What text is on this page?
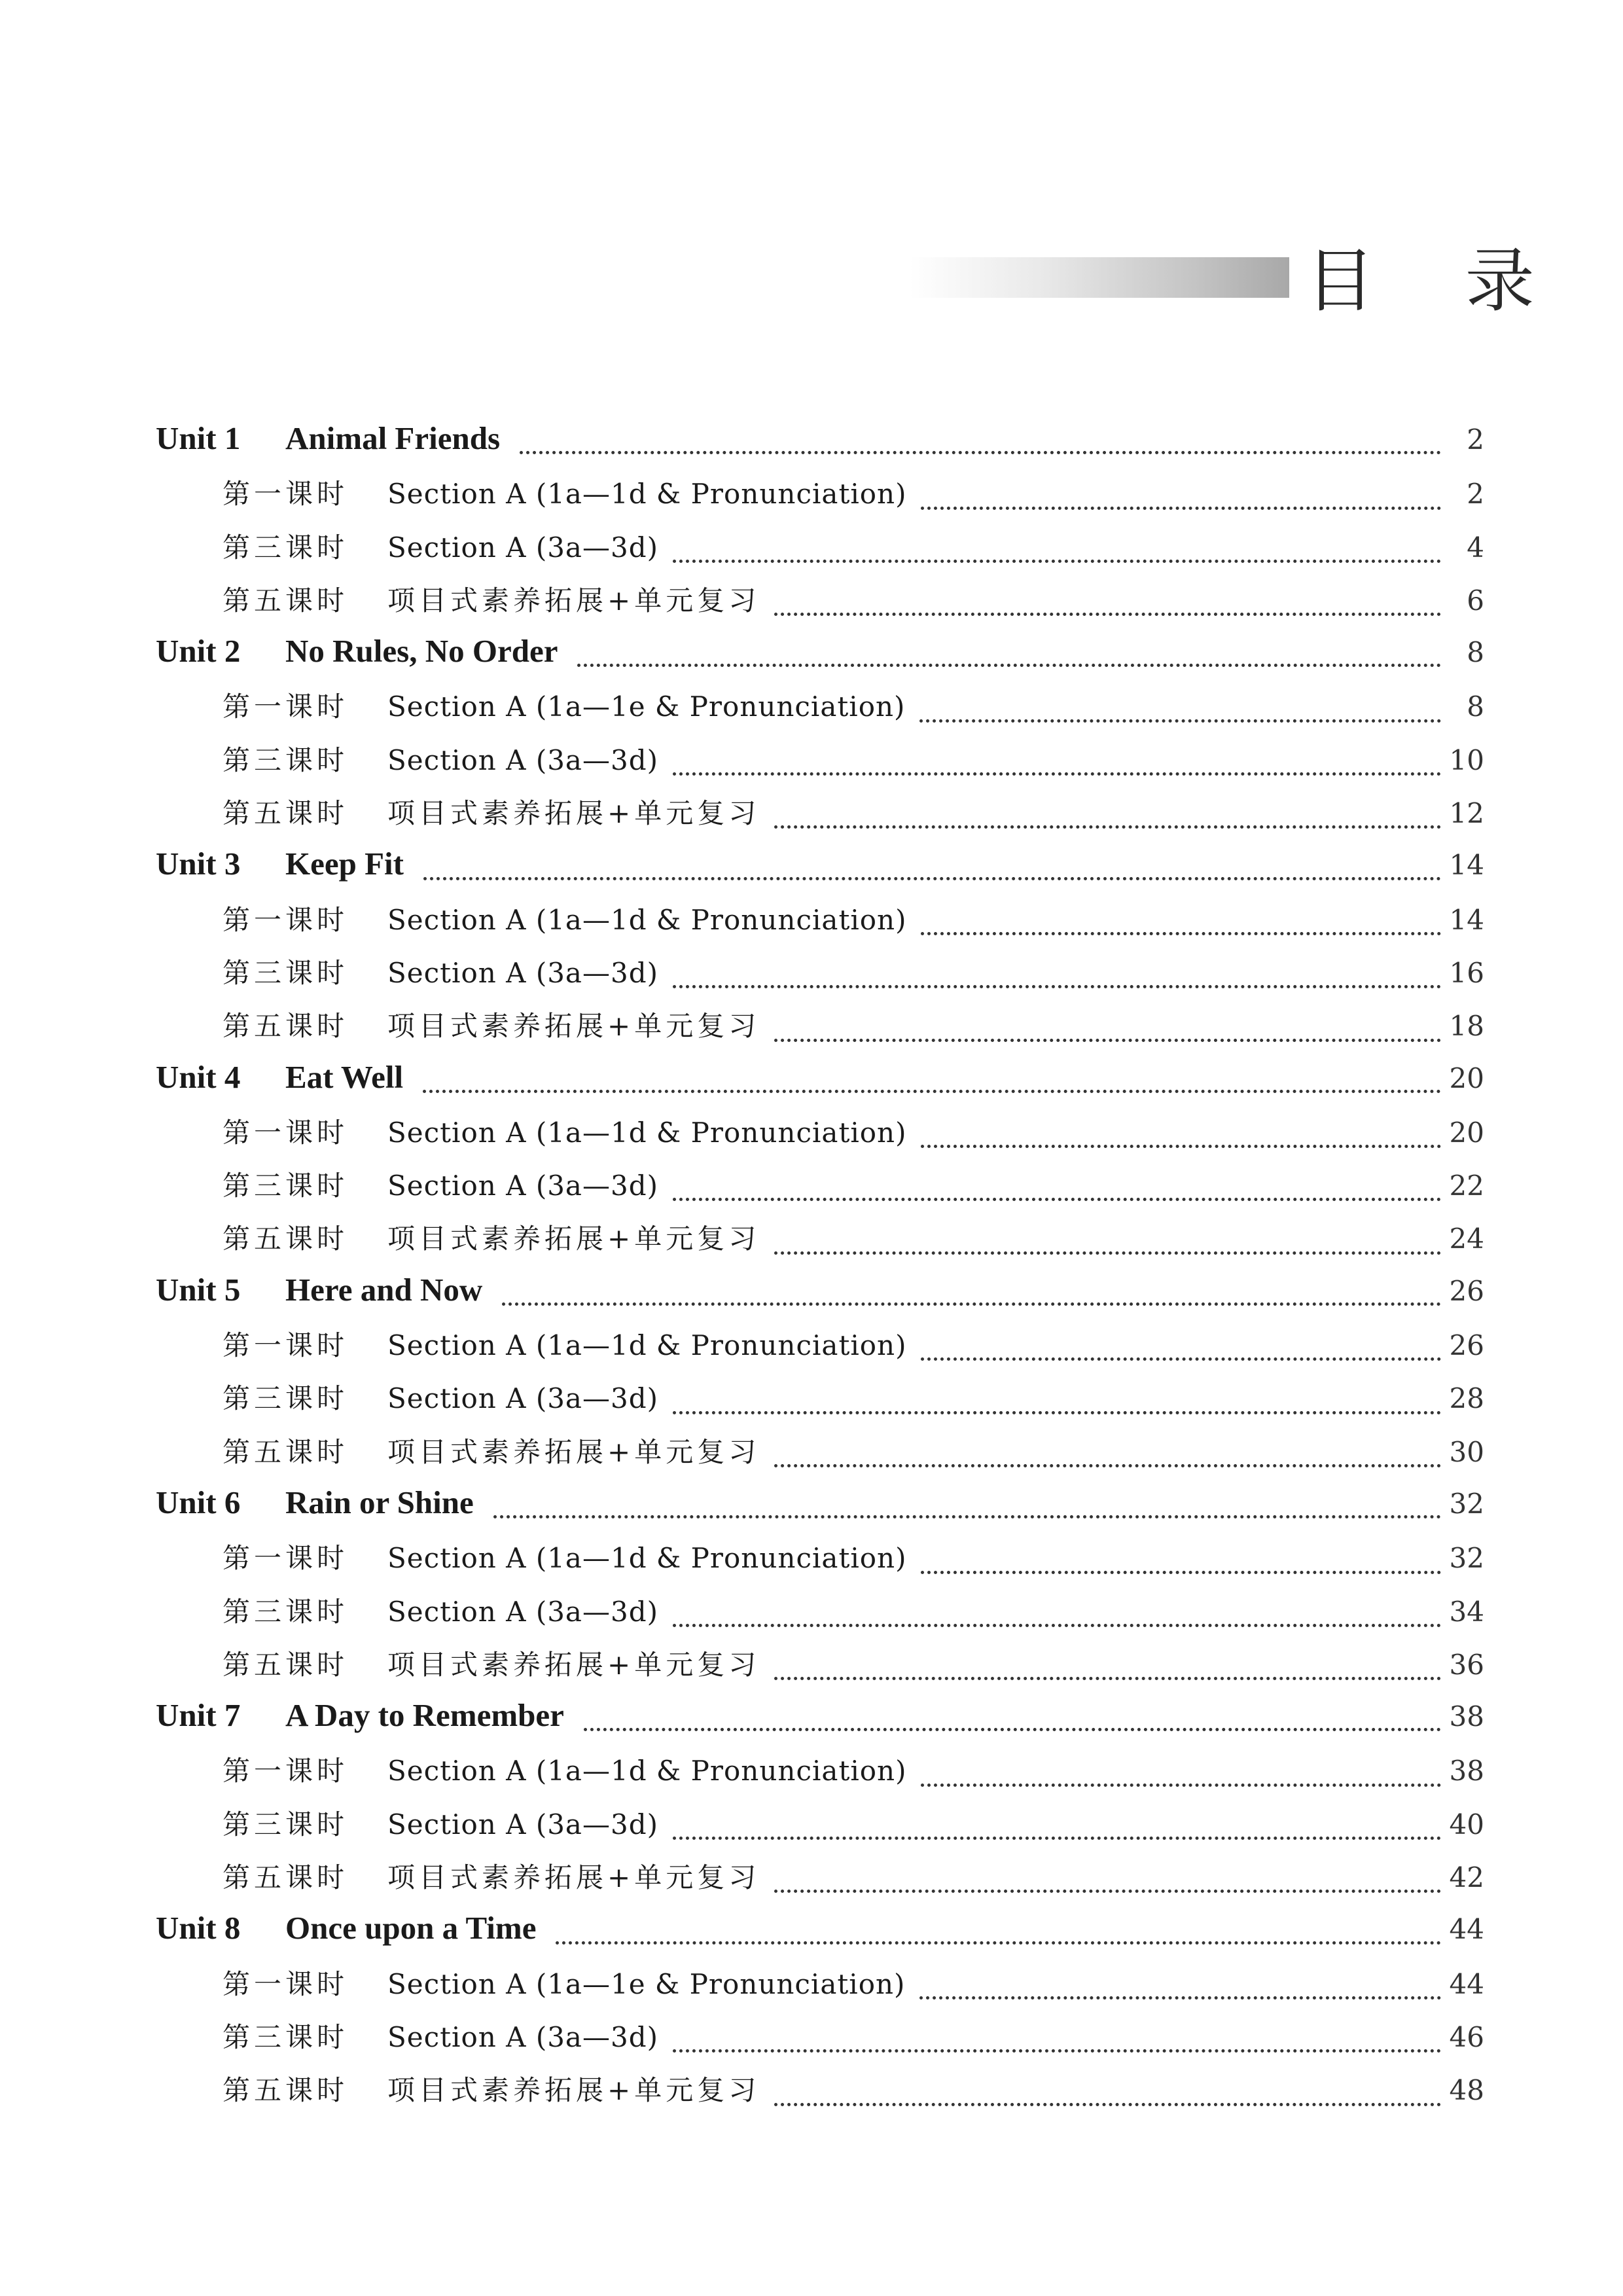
目 录
Unit 1	Animal Friends	2
第一课时	Section A (1a—1d & Pronunciation)	2
第三课时	Section A (3a—3d)	4
第五课时	项目式素养拓展+单元复习	6
Unit 2	No Rules, No Order	8
第一课时	Section A (1a—1e & Pronunciation)	8
第三课时	Section A (3a—3d)	10
第五课时	项目式素养拓展+单元复习	12
Unit 3	Keep Fit	14
第一课时	Section A (1a—1d & Pronunciation)	14
第三课时	Section A (3a—3d)	16
第五课时	项目式素养拓展+单元复习	18
Unit 4	Eat Well	20
第一课时	Section A (1a—1d & Pronunciation)	20
第三课时	Section A (3a—3d)	22
第五课时	项目式素养拓展+单元复习	24
Unit 5	Here and Now	26
第一课时	Section A (1a—1d & Pronunciation)	26
第三课时	Section A (3a—3d)	28
第五课时	项目式素养拓展+单元复习	30
Unit 6	Rain or Shine	32
第一课时	Section A (1a—1d & Pronunciation)	32
第三课时	Section A (3a—3d)	34
第五课时	项目式素养拓展+单元复习	36
Unit 7	A Day to Remember	38
第一课时	Section A (1a—1d & Pronunciation)	38
第三课时	Section A (3a—3d)	40
第五课时	项目式素养拓展+单元复习	42
Unit 8	Once upon a Time	44
第一课时	Section A (1a—1e & Pronunciation)	44
第三课时	Section A (3a—3d)	46
第五课时	项目式素养拓展+单元复习	48
